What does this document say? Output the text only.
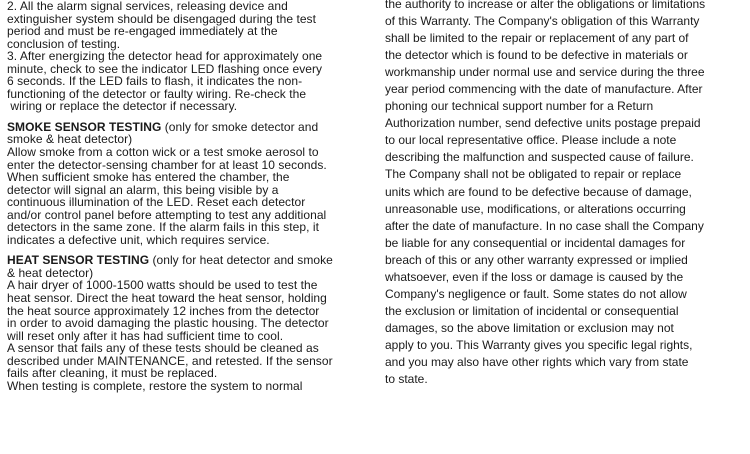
2. All the alarm signal services, releasing device and
extinguisher system should be disengaged during the test
period and must be re-engaged immediately at the
conclusion of testing.
3. After energizing the detector head for approximately one
minute, check to see the indicator LED flashing once every
6 seconds. If the LED fails to flash, it indicates the non-
functioning of the detector or faulty wiring. Re-check the
wiring or replace the detector if necessary.
SMOKE SENSOR TESTING (only for smoke detector and
smoke & heat detector)
Allow smoke from a cotton wick or a test smoke aerosol to
enter the detector-sensing chamber for at least 10 seconds.
When sufficient smoke has entered the chamber, the
detector will signal an alarm, this being visible by a
continuous illumination of the LED. Reset each detector
and/or control panel before attempting to test any additional
detectors in the same zone. If the alarm fails in this step, it
indicates a defective unit, which requires service.
HEAT SENSOR TESTING (only for heat detector and smoke
& heat detector)
A hair dryer of 1000-1500 watts should be used to test the
heat sensor. Direct the heat toward the heat sensor, holding
the heat source approximately 12 inches from the detector
in order to avoid damaging the plastic housing. The detector
will reset only after it has had sufficient time to cool.
A sensor that fails any of these tests should be cleaned as
described under MAINTENANCE, and retested. If the sensor
fails after cleaning, it must be replaced.
When testing is complete, restore the system to normal
the authority to increase or alter the obligations or limitations
of this Warranty. The Company's obligation of this Warranty
shall be limited to the repair or replacement of any part of
the detector which is found to be defective in materials or
workmanship under normal use and service during the three
year period commencing with the date of manufacture. After
phoning our technical support number for a Return
Authorization number, send defective units postage prepaid
to our local representative office. Please include a note
describing the malfunction and suspected cause of failure.
The Company shall not be obligated to repair or replace
units which are found to be defective because of damage,
unreasonable use, modifications, or alterations occurring
after the date of manufacture. In no case shall the Company
be liable for any consequential or incidental damages for
breach of this or any other warranty expressed or implied
whatsoever, even if the loss or damage is caused by the
Company's negligence or fault. Some states do not allow
the exclusion or limitation of incidental or consequential
damages, so the above limitation or exclusion may not
apply to you. This Warranty gives you specific legal rights,
and you may also have other rights which vary from state
to state.
